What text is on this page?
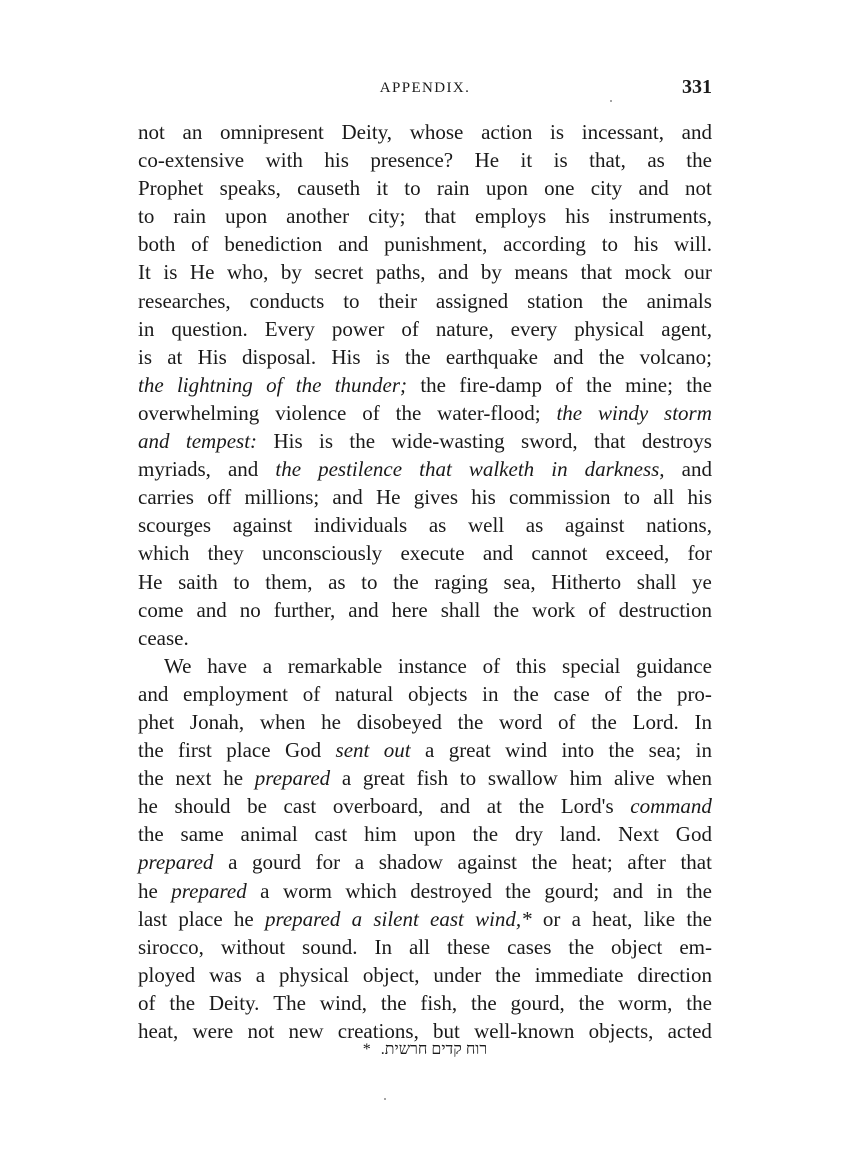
APPENDIX.	331
not an omnipresent Deity, whose action is incessant, and
co-extensive with his presence? He it is that, as the
Prophet speaks, causeth it to rain upon one city and not
to rain upon another city; that employs his instruments,
both of benediction and punishment, according to his will.
It is He who, by secret paths, and by means that mock our
researches, conducts to their assigned station the animals
in question. Every power of nature, every physical agent,
is at His disposal. His is the earthquake and the volcano;
the lightning of the thunder; the fire-damp of the mine; the
overwhelming violence of the water-flood; the windy storm
and tempest: His is the wide-wasting sword, that destroys
myriads, and the pestilence that walketh in darkness, and
carries off millions; and He gives his commission to all his
scourges against individuals as well as against nations,
which they unconsciously execute and cannot exceed, for
He saith to them, as to the raging sea, Hitherto shall ye
come and no further, and here shall the work of destruction
cease.
We have a remarkable instance of this special guidance
and employment of natural objects in the case of the pro-
phet Jonah, when he disobeyed the word of the Lord. In
the first place God sent out a great wind into the sea; in
the next he prepared a great fish to swallow him alive when
he should be cast overboard, and at the Lord's command
the same animal cast him upon the dry land. Next God
prepared a gourd for a shadow against the heat; after that
he prepared a worm which destroyed the gourd; and in the
last place he prepared a silent east wind,* or a heat, like the
sirocco, without sound. In all these cases the object em-
ployed was a physical object, under the immediate direction
of the Deity. The wind, the fish, the gourd, the worm, the
heat, were not new creations, but well-known objects, acted
* רוח קדים חרשית.
